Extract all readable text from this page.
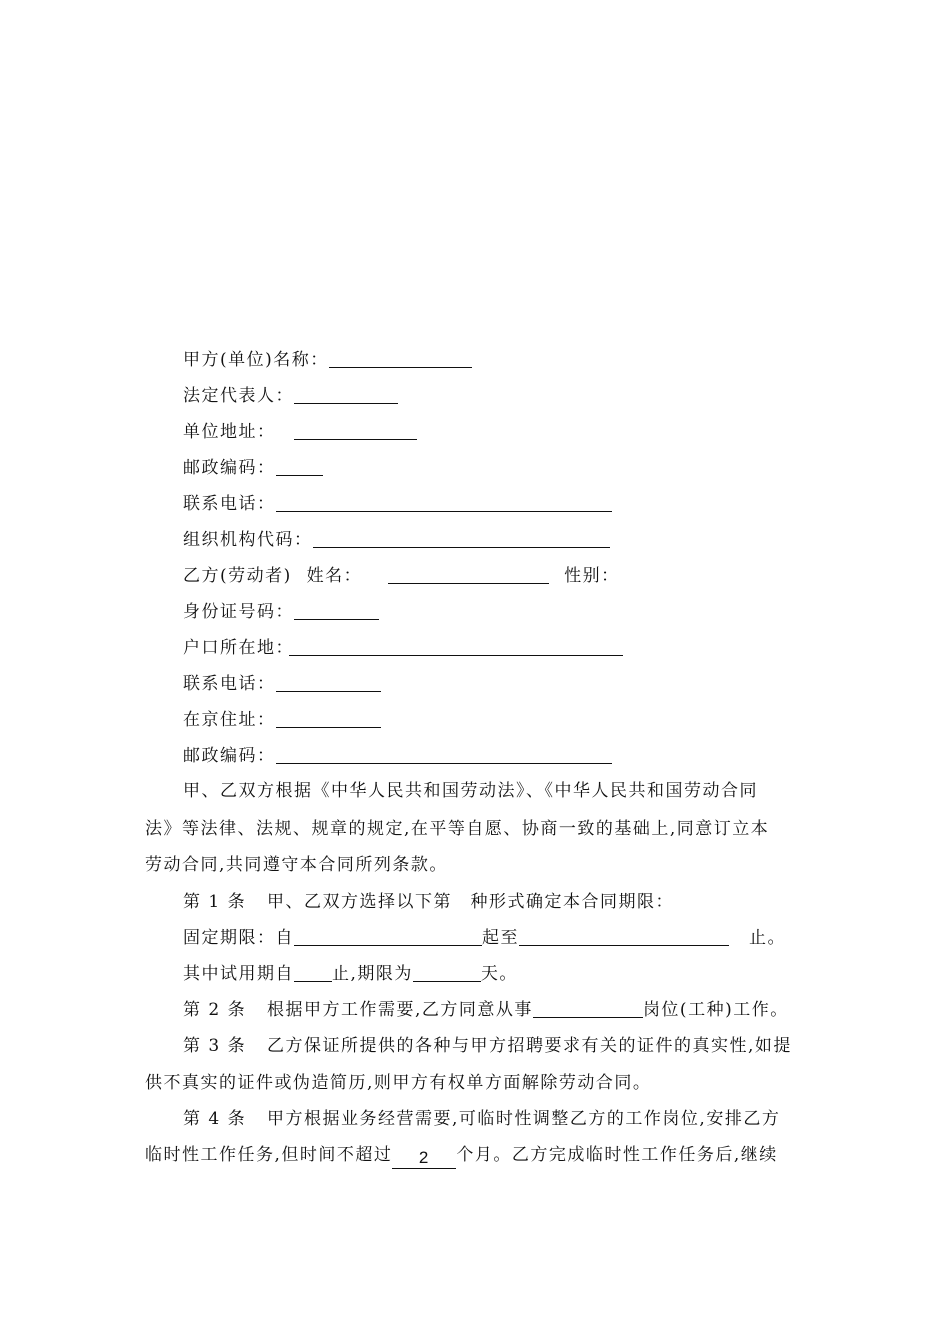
甲方(单位)名称：
法定代表人：
单位地址：
邮政编码：
联系电话：
组织机构代码：
乙方(劳动者) 姓名：	性别：
身份证号码：
户口所在地：
联系电话：
在京住址：
邮政编码：
甲、乙双方根据《中华人民共和国劳动法》、《中华人民共和国劳动合同
法》等法律、法规、规章的规定,在平等自愿、协商一致的基础上,同意订立本
劳动合同,共同遵守本合同所列条款。
第 1 条 甲、乙双方选择以下第　种形式确定本合同期限：
固定期限：自	起至	止。
其中试用期自 止,期限为	天。
第 2 条 根据甲方工作需要,乙方同意从事	岗位(工种)工作。
第 3 条 乙方保证所提供的各种与甲方招聘要求有关的证件的真实性,如提
供不真实的证件或伪造简历,则甲方有权单方面解除劳动合同。
第 4 条 甲方根据业务经营需要,可临时性调整乙方的工作岗位,安排乙方
临时性工作任务,但时间不超过 2 个月。乙方完成临时性工作任务后,继续
